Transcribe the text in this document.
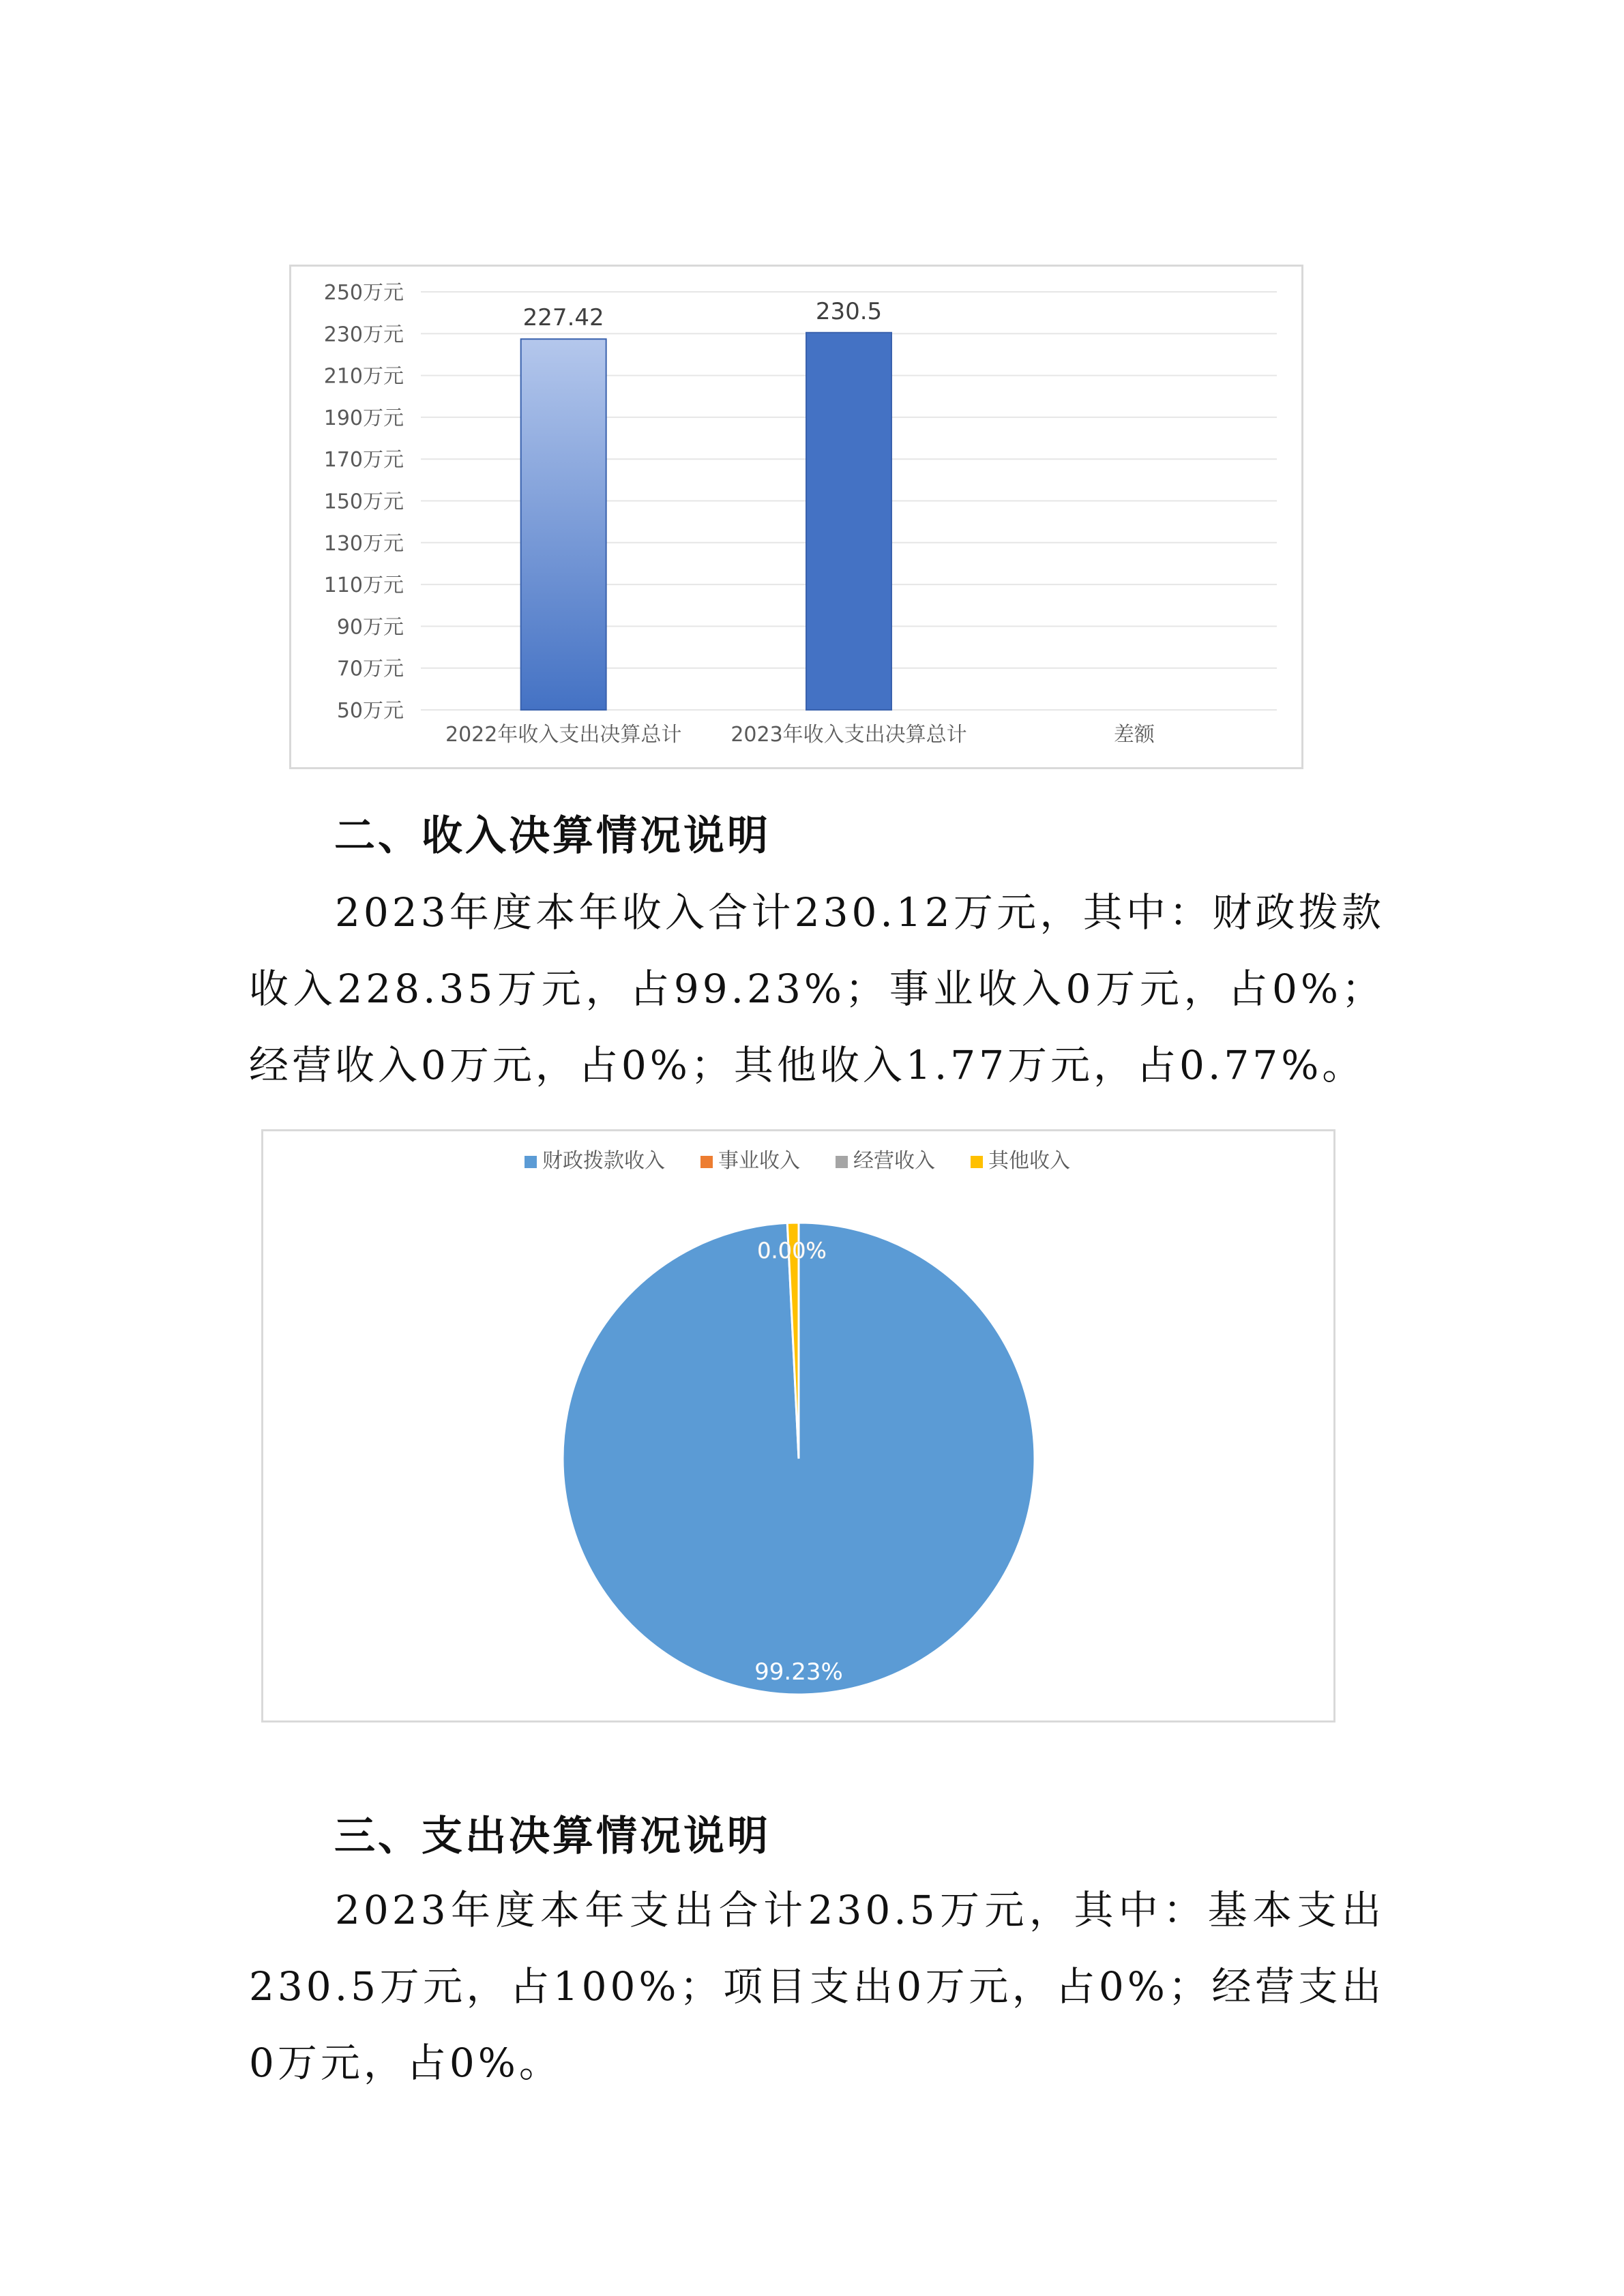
250万元
230万元
210万元
190万元
170万元
150万元
130万元
110万元
90万元
70万元
50万元
227.42
2022年收入支出决算总计
230.5
2023年收入支出决算总计	差额
二、收入决算情况说明
2023年度本年收入合计230.12万元，其中：财政拨款收入228.35万元，占99.23%；事业收入0万元，占0%；经营收入0万元，占0%；其他收入1.77万元，占0.77%。
财政拨款收入	事业收入	经营收入	其他收入
99.23%
0.00%
三、支出决算情况说明
2023年度本年支出合计230.5万元，其中：基本支出230.5万元，占100%；项目支出0万元，占0%；经营支出0万元，占0%。
